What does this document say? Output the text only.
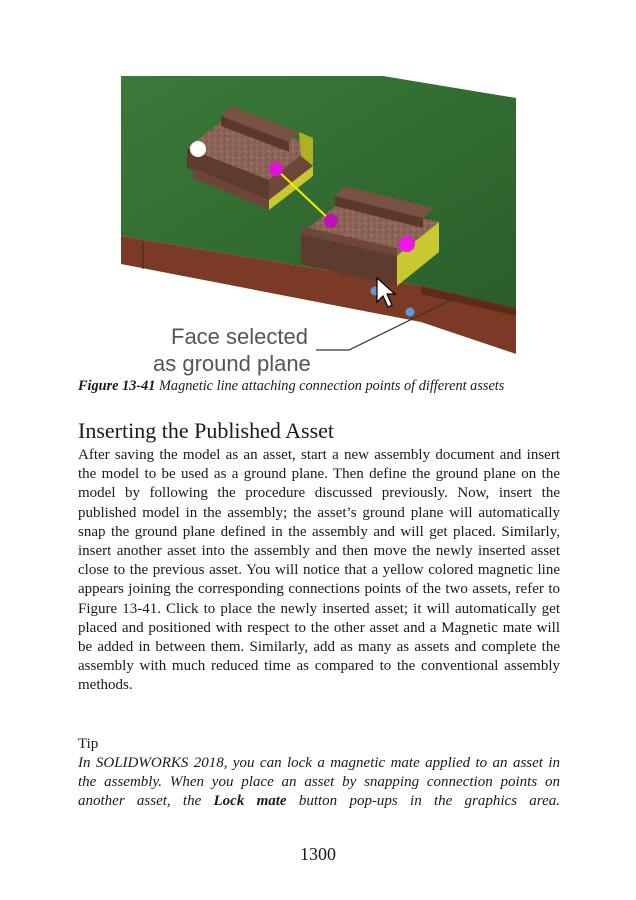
Face selected
as ground plane
Figure 13-41 Magnetic line attaching connection points of different assets
Inserting the Published Asset

After saving the model as an asset, start a new assembly document and insert the model to be used as a ground plane. Then define the ground plane on the model by following the procedure discussed previously. Now, insert the published model in the assembly; the asset’s ground plane will automatically snap the ground plane defined in the assembly and will get placed. Similarly, insert another asset into the assembly and then move the newly inserted asset close to the previous asset. You will notice that a yellow colored magnetic line appears joining the corresponding connections points of the two assets, refer to Figure 13-41. Click to place the newly inserted asset; it will automatically get placed and positioned with respect to the other asset and a Magnetic mate will be added in between them. Similarly, add as many as assets and complete the assembly with much reduced time as compared to the conventional assembly methods.

Tip

In SOLIDWORKS 2018, you can lock a magnetic mate applied to an asset in the assembly. When you place an asset by snapping connection points on another asset, the Lock mate button pop-ups in the graphics area.

1300
